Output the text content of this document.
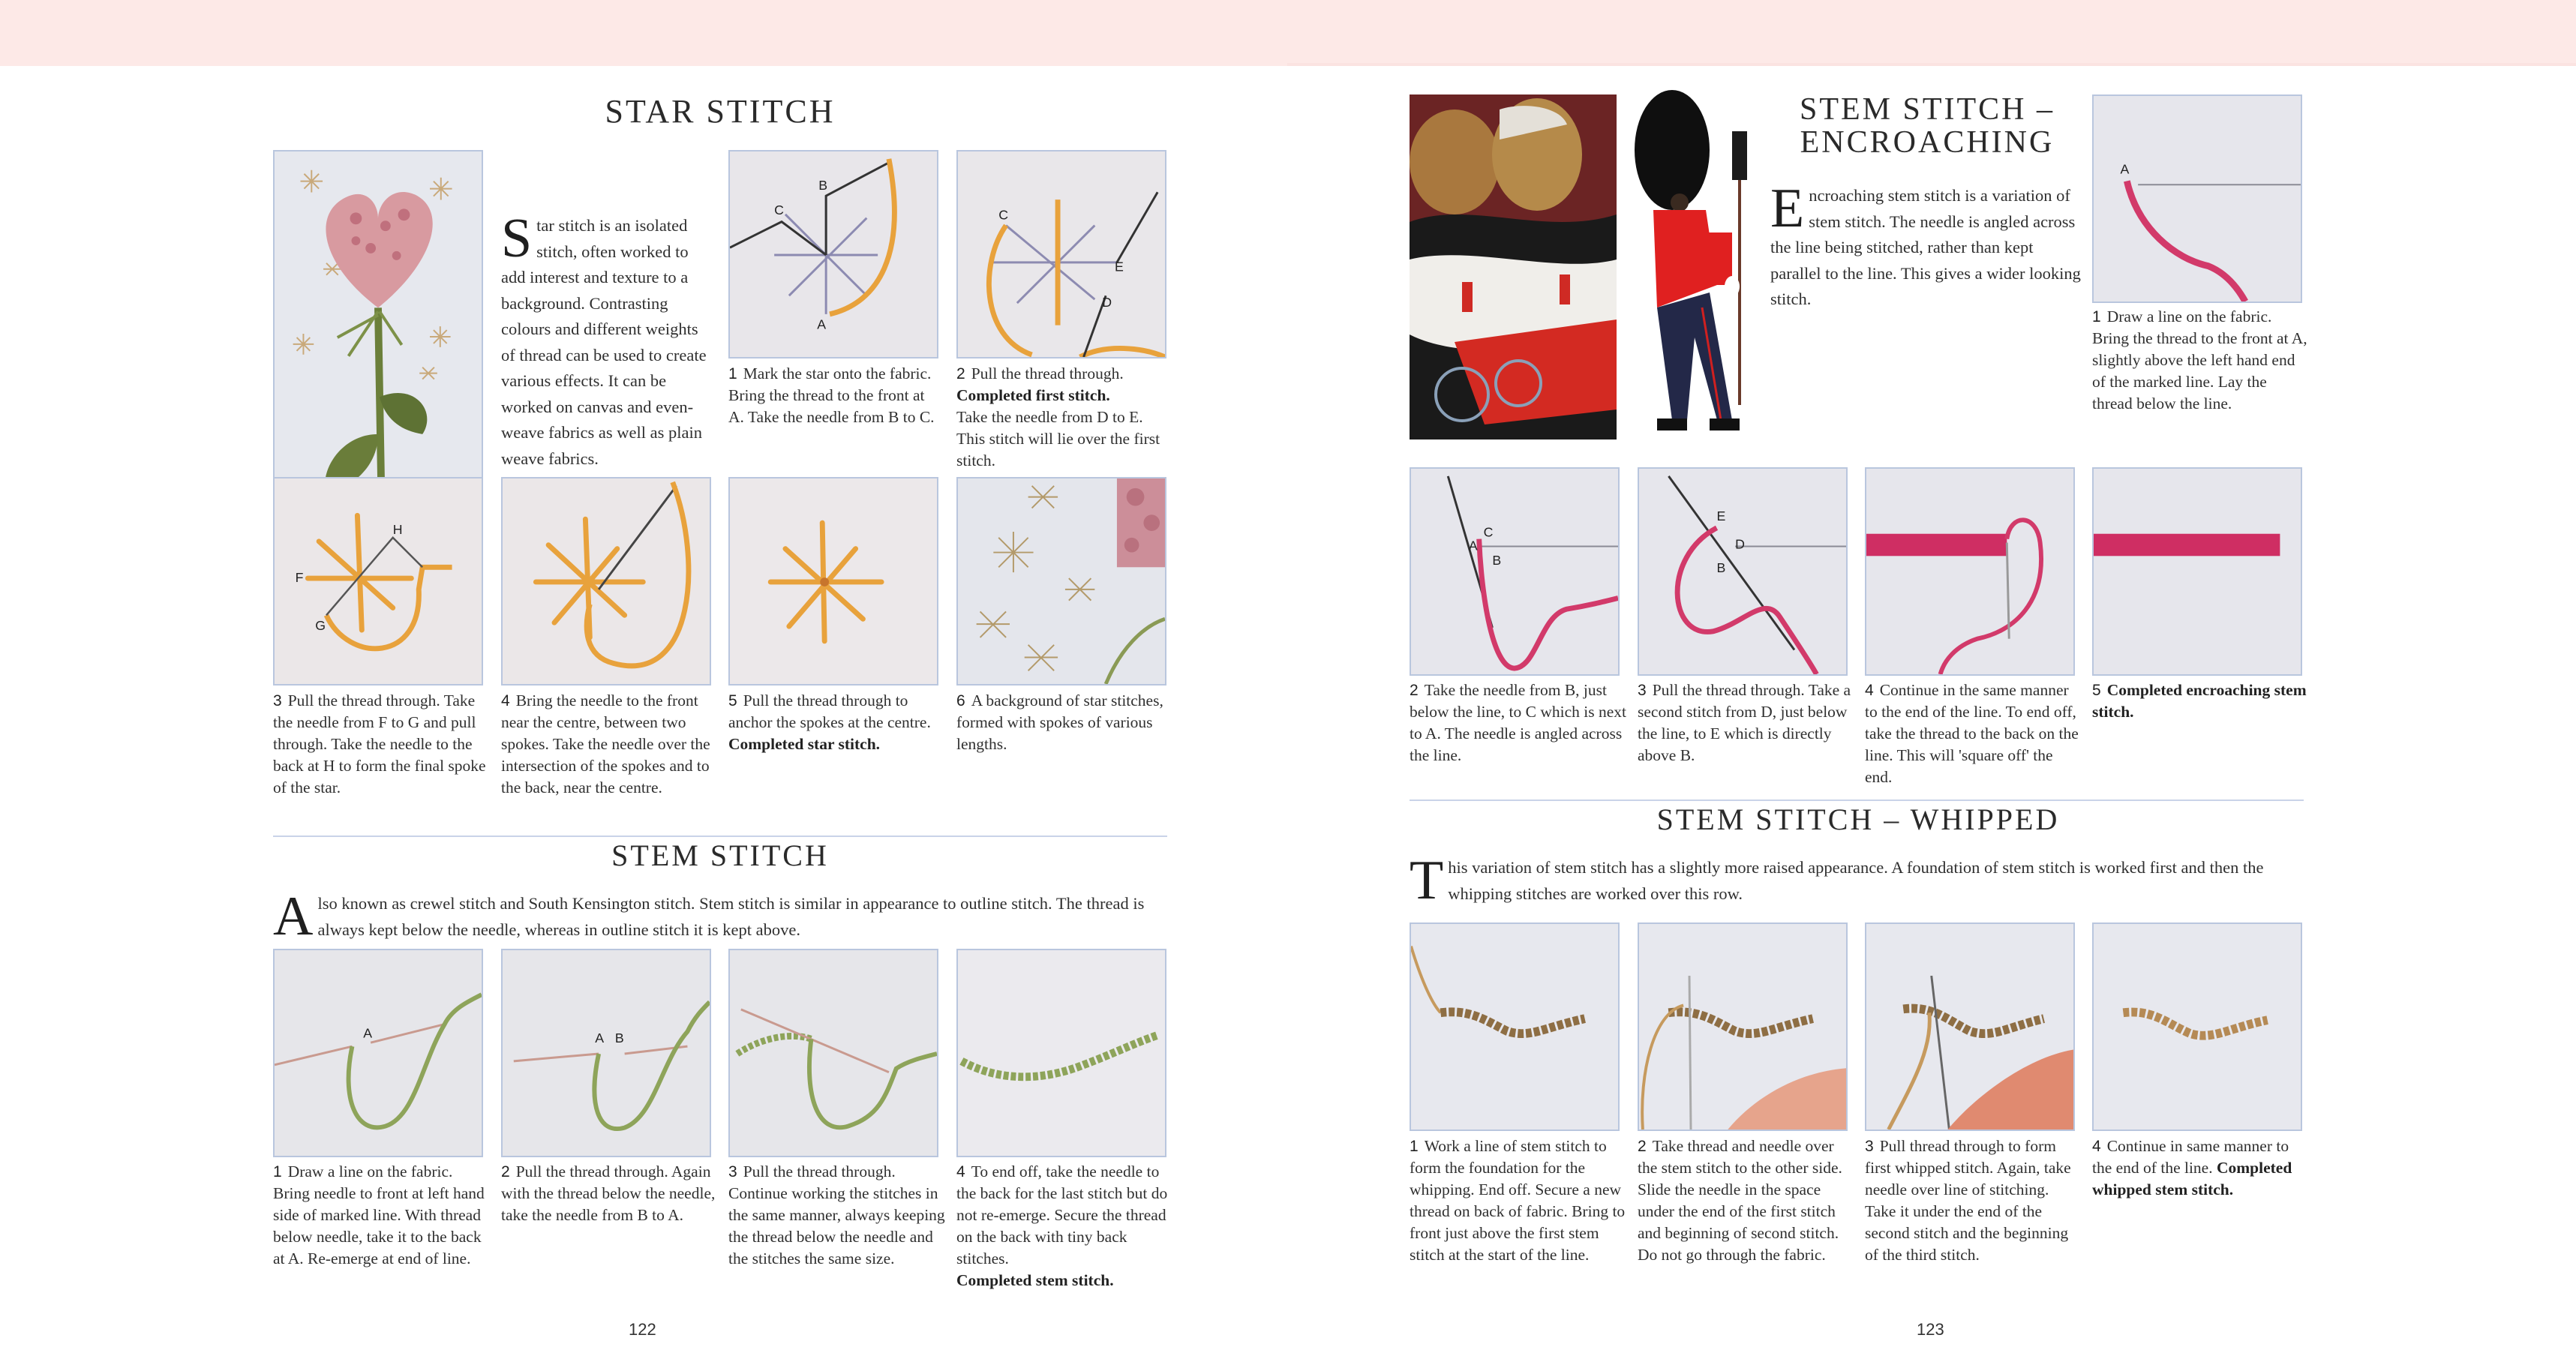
STAR STITCH
Star stitch is an isolated stitch, often worked to add interest and texture to a background. Contrasting colours and different weights of thread can be used to create various effects. It can be worked on canvas and even-weave fabrics as well as plain weave fabrics.
B
C
A
1 Mark the star onto the fabric. Bring the thread to the front at A. Take the needle from B to C.
C
E
D
2 Pull the thread through.
Completed first stitch.
Take the needle from D to E. This stitch will lie over the first stitch.
F
G
H
3 Pull the thread through. Take the needle from F to G and pull through. Take the needle to the back at H to form the final spoke of the star.
4 Bring the needle to the front near the centre, between two spokes. Take the needle over the intersection of the spokes and to the back, near the centre.
5 Pull the thread through to anchor the spokes at the centre. Completed star stitch.
6 A background of star stitches, formed with spokes of various lengths.
STEM STITCH
Also known as crewel stitch and South Kensington stitch. Stem stitch is similar in appearance to outline stitch. The thread is always kept below the needle, whereas in outline stitch it is kept above.
A
1 Draw a line on the fabric. Bring needle to front at left hand side of marked line. With thread below needle, take it to the back at A. Re-emerge at end of line.
A B
2 Pull the thread through. Again with the thread below the needle, take the needle from B to A.
3 Pull the thread through. Continue working the stitches in the same manner, always keeping the thread below the needle and the stitches the same size.
4 To end off, take the needle to the back for the last stitch but do not re-emerge. Secure the thread on the back with tiny back stitches.
Completed stem stitch.
122
STEM STITCH –
ENCROACHING
Encroaching stem stitch is a variation of stem stitch. The needle is angled across the line being stitched, rather than kept parallel to the line. This gives a wider looking stitch.
A
1 Draw a line on the fabric. Bring the thread to the front at A, slightly above the left hand end of the marked line. Lay the thread below the line.
A
C
B
2 Take the needle from B, just below the line, to C which is next to A. The needle is angled across the line.
E
D
B
3 Pull the thread through. Take a second stitch from D, just below the line, to E which is directly above B.
4 Continue in the same manner to the end of the line. To end off, take the thread to the back on the line. This will 'square off' the end.
5 Completed encroaching stem stitch.
STEM STITCH – WHIPPED
This variation of stem stitch has a slightly more raised appearance. A foundation of stem stitch is worked first and then the whipping stitches are worked over this row.
1 Work a line of stem stitch to form the foundation for the whipping. End off. Secure a new thread on back of fabric. Bring to front just above the first stem stitch at the start of the line.
2 Take thread and needle over the stem stitch to the other side. Slide the needle in the space under the end of the first stitch and beginning of second stitch. Do not go through the fabric.
3 Pull thread through to form first whipped stitch. Again, take needle over line of stitching. Take it under the end of the second stitch and the beginning of the third stitch.
4 Continue in same manner to the end of the line. Completed whipped stem stitch.
123
